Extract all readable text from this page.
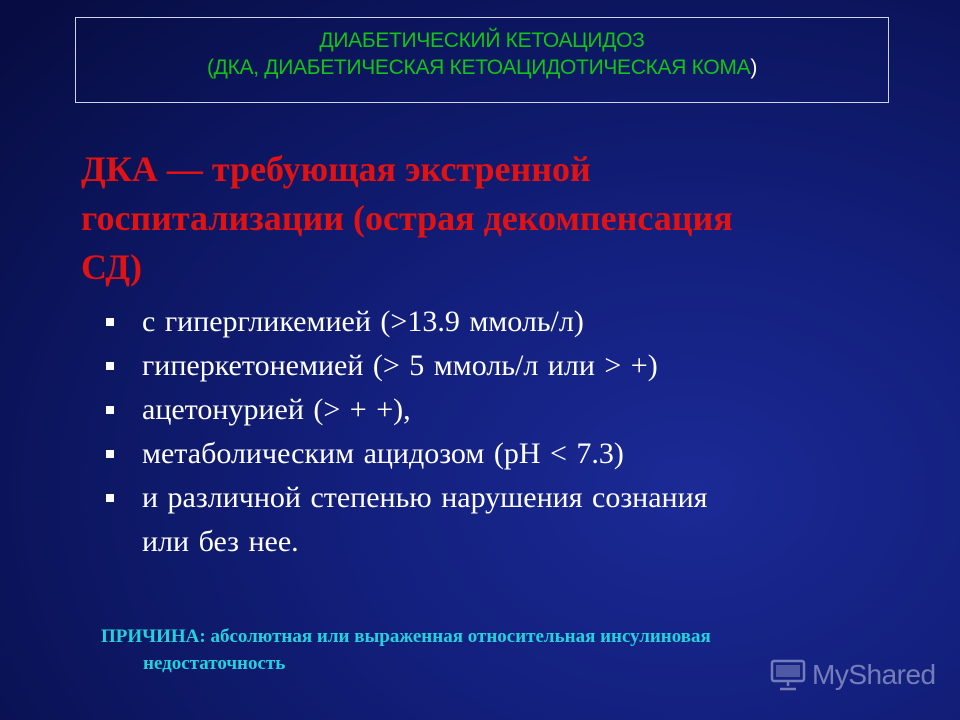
ДИАБЕТИЧЕСКИЙ КЕТОАЦИДОЗ
(ДКА, ДИАБЕТИЧЕСКАЯ КЕТОАЦИДОТИЧЕСКАЯ КОМА)
ДКА — требующая экстренной
госпитализации (острая декомпенсация
СД)
с гипергликемией (>13.9 ммоль/л)
гиперкетонемией (> 5 ммоль/л или > +)
ацетонурией (> + +),
метаболическим ацидозом (pH < 7.3)
и различной степенью нарушения сознания
или без нее.
ПРИЧИНА: абсолютная или выраженная относительная инсулиновая
недостаточность	MyShared
